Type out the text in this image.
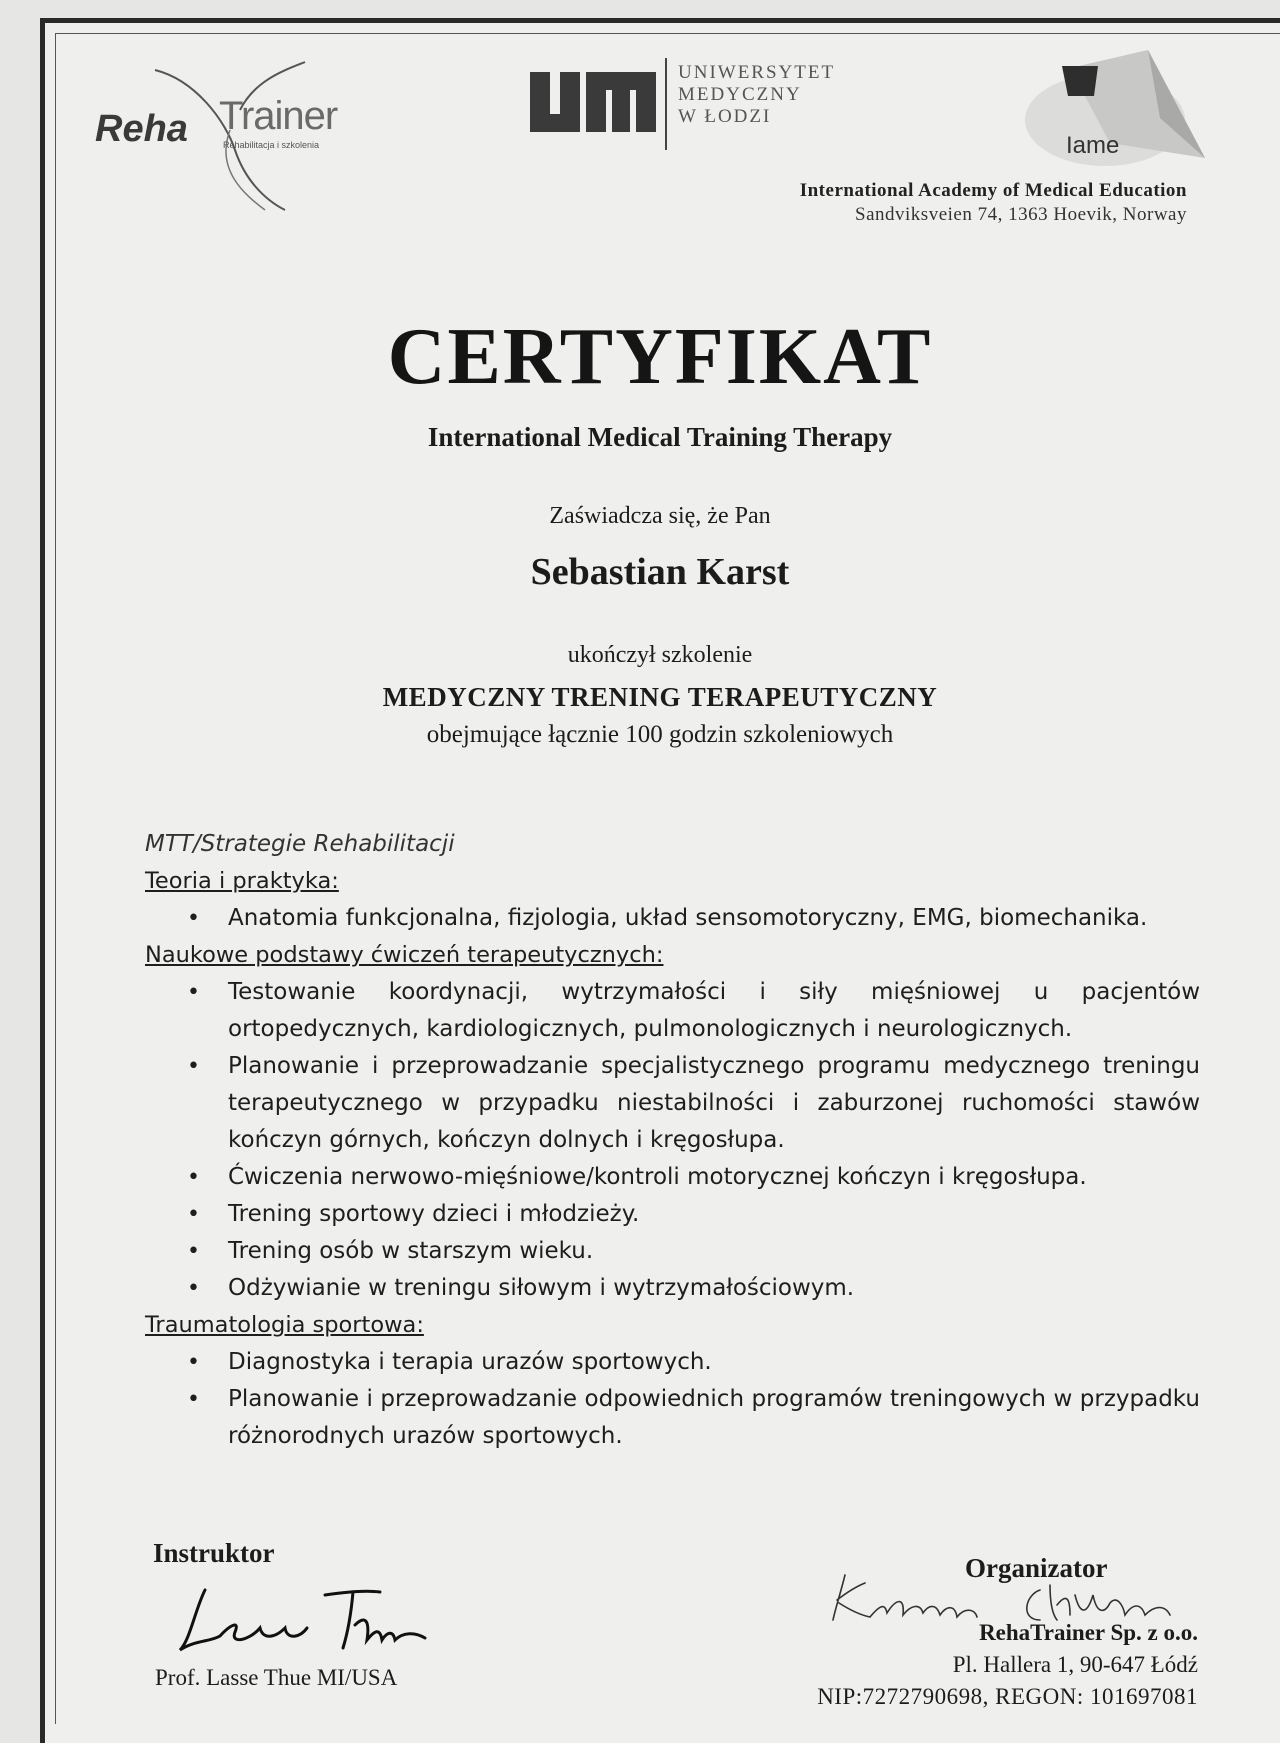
Reha Trainer
Rehabilitacja i szkolenia
UNIWERSYTET
MEDYCZNY
W ŁODZI
Iame
International Academy of Medical Education
Sandviksveien 74, 1363 Hoevik, Norway
CERTYFIKAT
International Medical Training Therapy
Zaświadcza się, że Pan
Sebastian Karst
ukończył szkolenie
MEDYCZNY TRENING TERAPEUTYCZNY
obejmujące łącznie 100 godzin szkoleniowych
MTT/Strategie Rehabilitacji
Teoria i praktyka:
• Anatomia funkcjonalna, fizjologia, układ sensomotoryczny, EMG, biomechanika.
Naukowe podstawy ćwiczeń terapeutycznych:
• Testowanie koordynacji, wytrzymałości i siły mięśniowej u pacjentów ortopedycznych, kardiologicznych, pulmonologicznych i neurologicznych.
• Planowanie i przeprowadzanie specjalistycznego programu medycznego treningu terapeutycznego w przypadku niestabilności i zaburzonej ruchomości stawów kończyn górnych, kończyn dolnych i kręgosłupa.
• Ćwiczenia nerwowo-mięśniowe/kontroli motorycznej kończyn i kręgosłupa.
• Trening sportowy dzieci i młodzieży.
• Trening osób w starszym wieku.
• Odżywianie w treningu siłowym i wytrzymałościowym.
Traumatologia sportowa:
• Diagnostyka i terapia urazów sportowych.
• Planowanie i przeprowadzanie odpowiednich programów treningowych w przypadku różnorodnych urazów sportowych.
Instruktor
Prof. Lasse Thue MI/USA
Organizator
RehaTrainer Sp. z o.o.
Pl. Hallera 1, 90-647 Łódź
NIP:7272790698, REGON: 101697081
